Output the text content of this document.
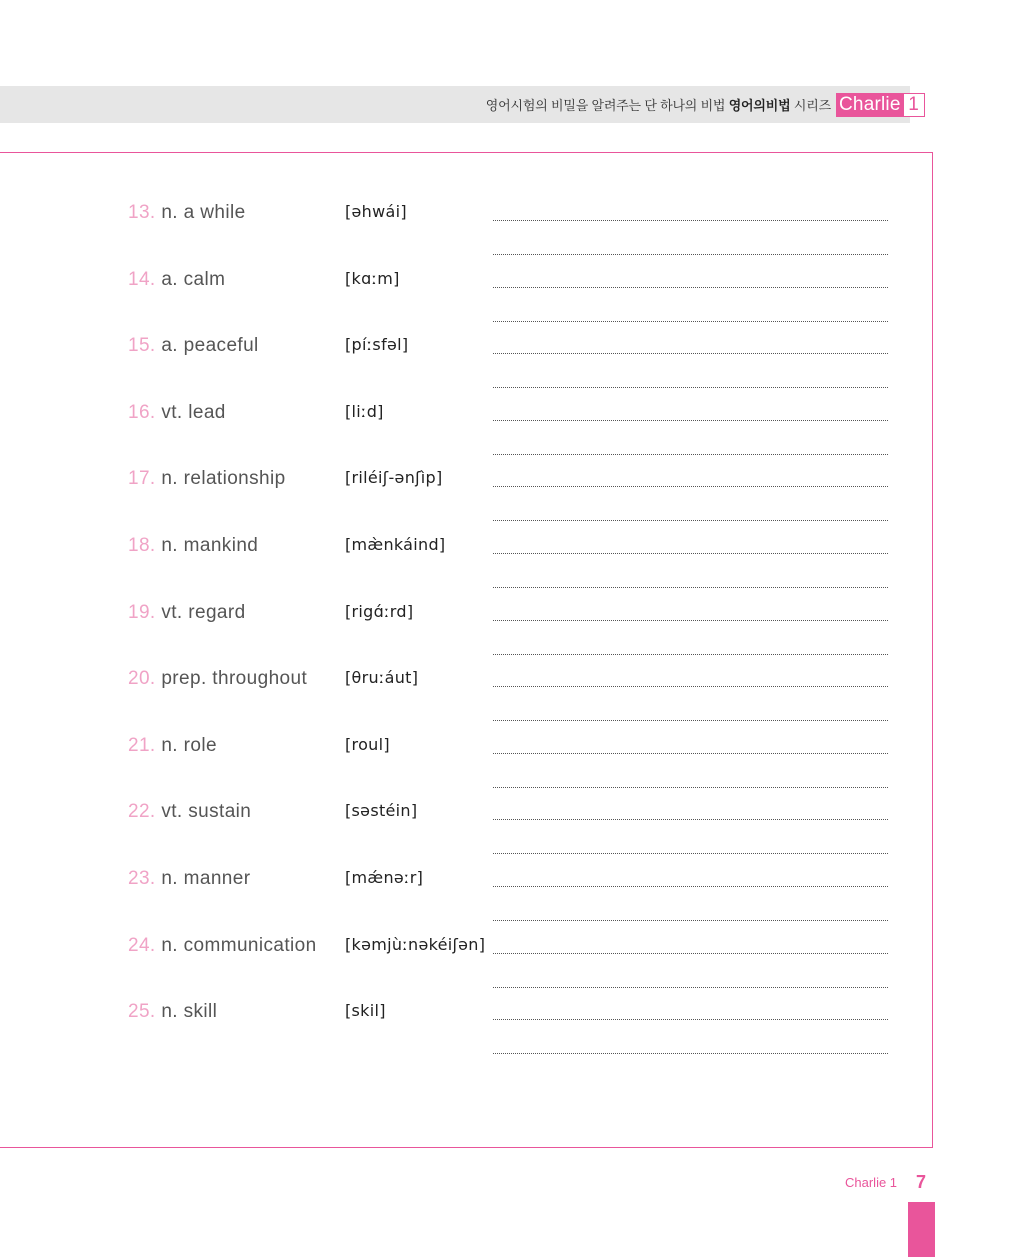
영어시험의 비밀을 알려주는 단 하나의 비법 영어의비법 시리즈 Charlie 1
13. n. a while	[əhwái]
14. a. calm	[kɑːm]
15. a. peaceful	[píːsfəl]
16. vt. lead	[liːd]
17. n. relationship	[riléiʃ-ənʃìp]
18. n. mankind	[mæ̀nkáind]
19. vt. regard	[rigɑ́ːrd]
20. prep. throughout [θruːáut]
21. n. role	[roul]
22. vt. sustain	[səstéin]
23. n. manner	[mǽnəːr]
24. n. communication [kəmjùːnəkéiʃən]
25. n. skill	[skil]
Charlie 1 7
